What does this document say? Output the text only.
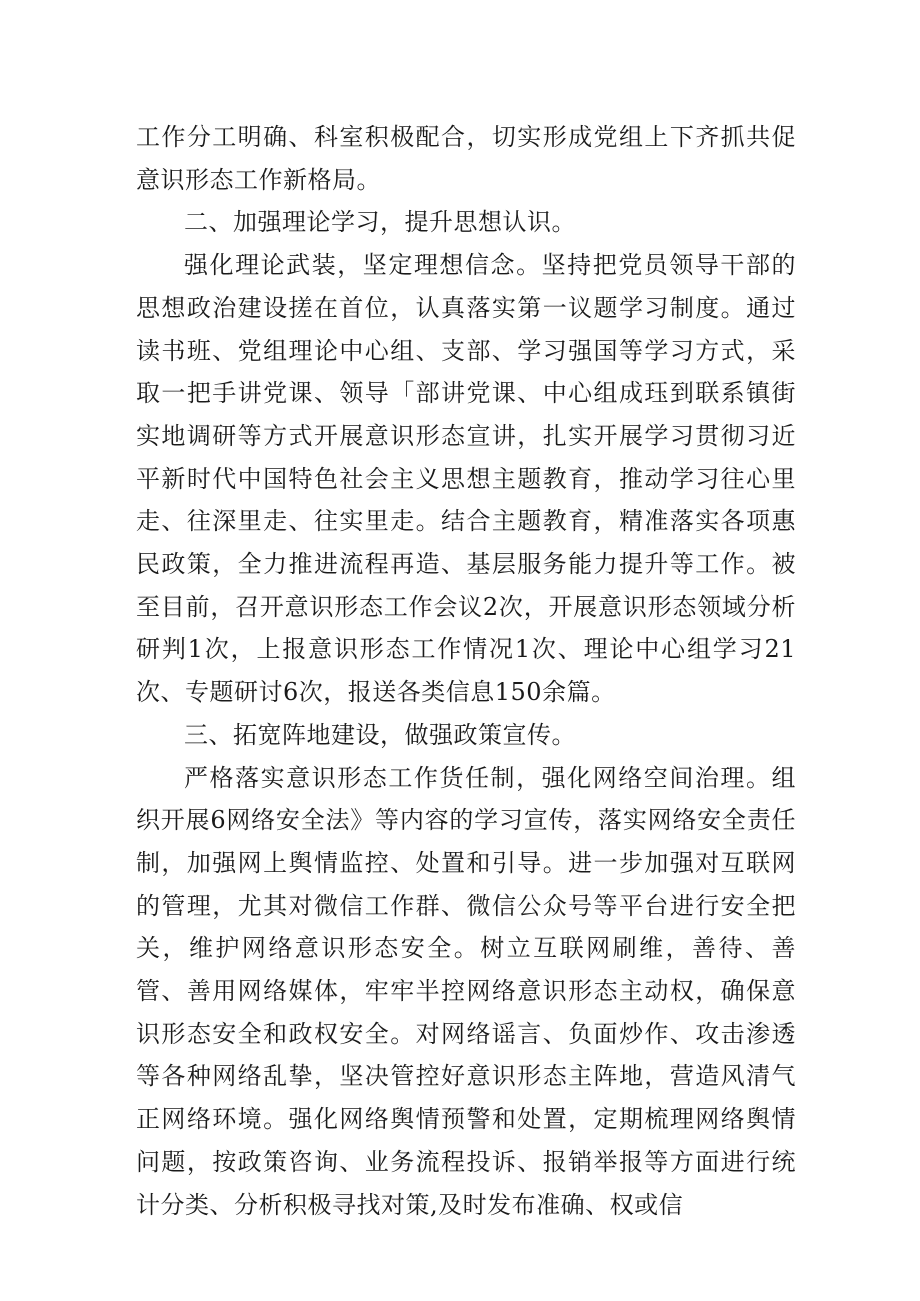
工作分工明确、科室积极配合，切实形成党组上下齐抓共促意识形态工作新格局。

二、加强理论学习，提升思想认识。

强化理论武装，坚定理想信念。坚持把党员领导干部的思想政治建设搓在首位，认真落实第一议题学习制度。通过读书班、党组理论中心组、支部、学习强国等学习方式，采取一把手讲党课、领导「部讲党课、中心组成珏到联系镇街实地调研等方式开展意识形态宣讲，扎实开展学习贯彻习近平新时代中国特色社会主义思想主题教育，推动学习往心里走、往深里走、往实里走。结合主题教育，精准落实各项惠民政策，全力推进流程再造、基层服务能力提升等工作。被至目前，召开意识形态工作会议2次，开展意识形态领域分析研判1次，上报意识形态工作情况1次、理论中心组学习21次、专题研讨6次，报送各类信息150余篇。

三、拓宽阵地建设，做强政策宣传。

严格落实意识形态工作货任制，强化网络空间治理。组织开展6网络安全法》等内容的学习宣传，落实网络安全责任制，加强网上舆情监控、处置和引导。进一步加强对互联网的管理，尤其对微信工作群、微信公众号等平台进行安全把关，维护网络意识形态安全。树立互联网刷维，善待、善管、善用网络媒体，牢牢半控网络意识形态主动权，确保意识形态安全和政权安全。对网络谣言、负面炒作、攻击渗透等各种网络乱挚，坚决管控好意识形态主阵地，营造风清气正网络环境。强化网络舆情预警和处置，定期梳理网络舆情问题，按政策咨询、业务流程投诉、报销举报等方面进行统计分类、分析积极寻找对策,及时发布准确、权或信
